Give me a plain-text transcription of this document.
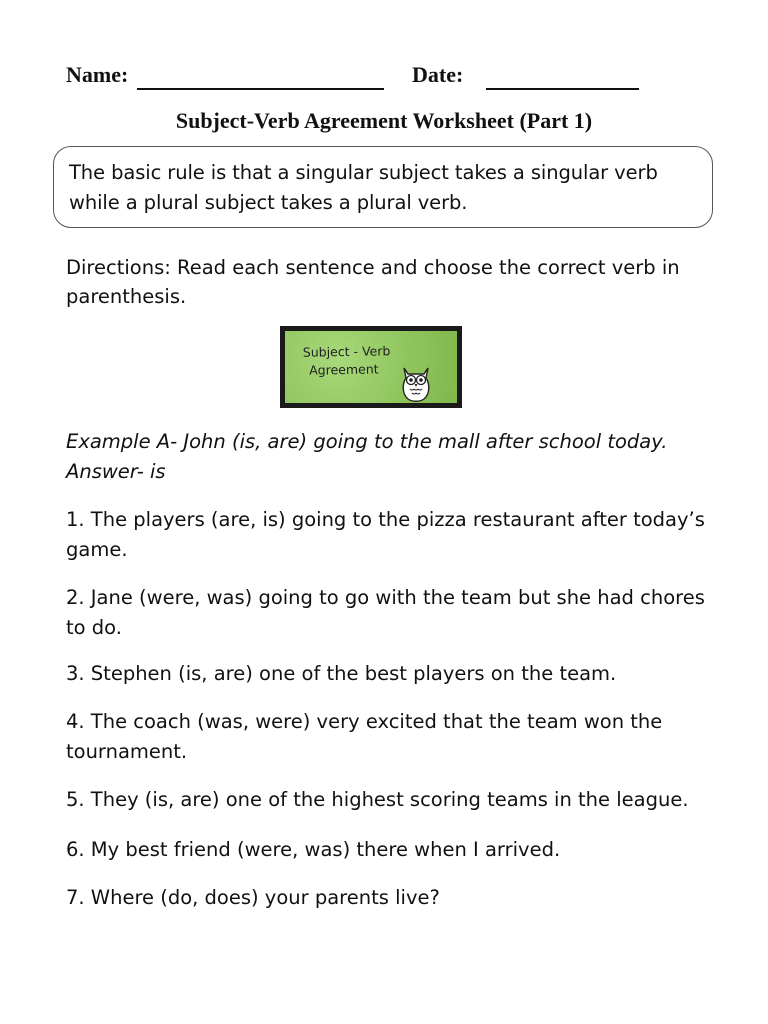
Name:	Date:
Subject-Verb Agreement Worksheet (Part 1)
The basic rule is that a singular subject takes a singular verb while a plural subject takes a plural verb.
Directions: Read each sentence and choose the correct verb in parenthesis.
Subject - Verb
Agreement
Example A- John (is, are) going to the mall after school today.
Answer- is
1. The players (are, is) going to the pizza restaurant after today’s game.
2. Jane (were, was) going to go with the team but she had chores to do.
3. Stephen (is, are) one of the best players on the team.
4. The coach (was, were) very excited that the team won the tournament.
5. They (is, are) one of the highest scoring teams in the league.
6. My best friend (were, was) there when I arrived.
7. Where (do, does) your parents live?
